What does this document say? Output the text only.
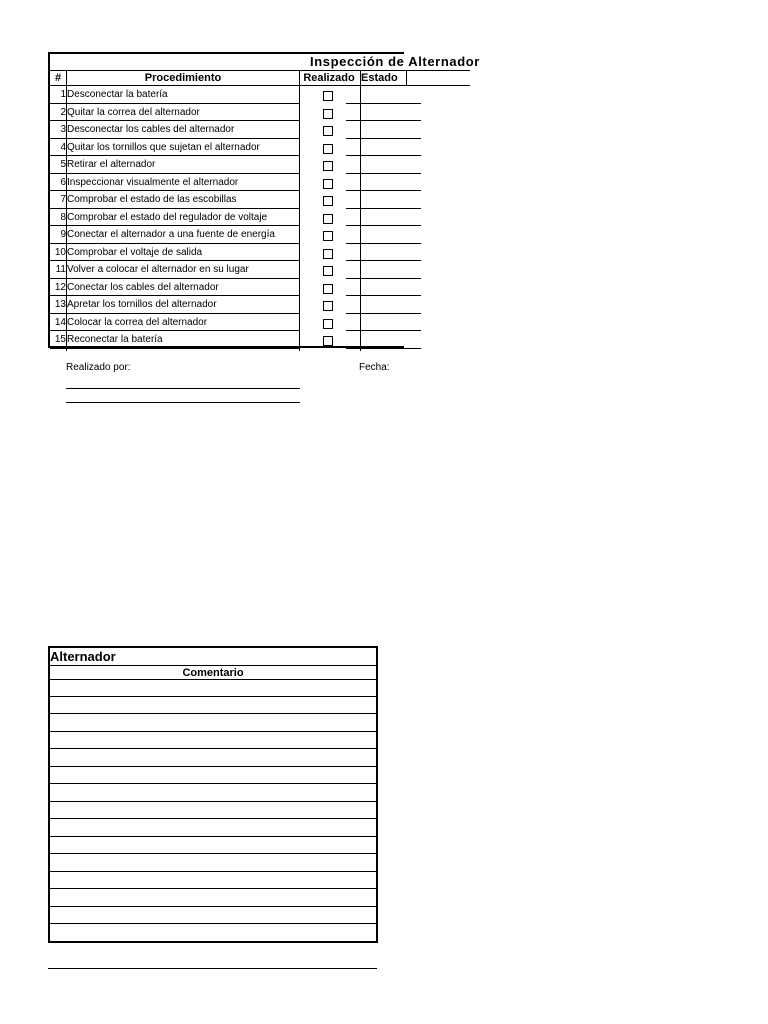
Inspección de Alternador
#	Procedimiento	Realizado Estado
1 Desconectar la batería
2 Quitar la correa del alternador
3 Desconectar los cables del alternador
4 Quitar los tornillos que sujetan el alternador
5 Retirar el alternador
6 Inspeccionar visualmente el alternador
7 Comprobar el estado de las escobillas
8 Comprobar el estado del regulador de voltaje
9 Conectar el alternador a una fuente de energía
10 Comprobar el voltaje de salida
11 Volver a colocar el alternador en su lugar
12 Conectar los cables del alternador
13 Apretar los tornillos del alternador
14 Colocar la correa del alternador
15 Reconectar la batería
Realizado por:	Fecha:
Alternador
Comentario
